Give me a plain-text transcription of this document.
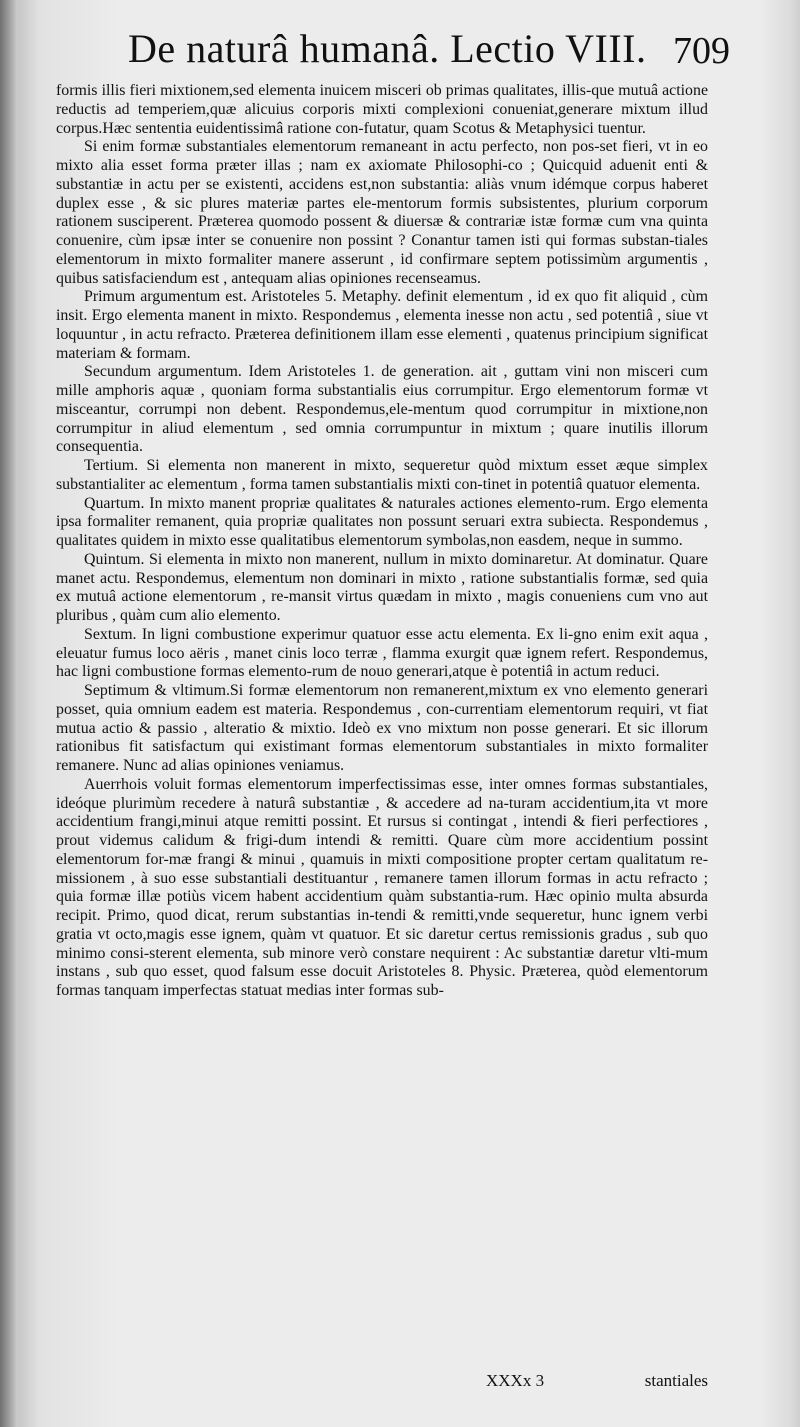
De naturâ humanâ. Lectio VIII. 709

formis illis fieri mixtionem,sed elementa inuicem misceri ob primas qualitates, illis-que mutuâ actione reductis ad temperiem,quæ alicuius corporis mixti complexioni conueniat,generare mixtum illud corpus.Hæc sententia euidentissimâ ratione con-futatur, quam Scotus & Metaphysici tuentur.

Si enim formæ substantiales elementorum remaneant in actu perfecto, non pos-set fieri, vt in eo mixto alia esset forma præter illas ; nam ex axiomate Philosophi-co ; Quicquid aduenit enti & substantiæ in actu per se existenti, accidens est,non substantia: aliàs vnum idémque corpus haberet duplex esse , & sic plures materiæ partes ele-mentorum formis subsistentes, plurium corporum rationem susciperent. Præterea quomodo possent & diuersæ & contrariæ istæ formæ cum vna quinta conuenire, cùm ipsæ inter se conuenire non possint ? Conantur tamen isti qui formas substan-tiales elementorum in mixto formaliter manere asserunt , id confirmare septem potissimùm argumentis , quibus satisfaciendum est , antequam alias opiniones recenseamus.

Primum argumentum est. Aristoteles 5. Metaphy. definit elementum , id ex quo fit aliquid , cùm insit. Ergo elementa manent in mixto. Respondemus , elementa inesse non actu , sed potentiâ , siue vt loquuntur , in actu refracto. Præterea definitionem illam esse elementi , quatenus principium significat materiam & formam.

Secundum argumentum. Idem Aristoteles 1. de generation. ait , guttam vini non misceri cum mille amphoris aquæ , quoniam forma substantialis eius corrumpitur. Ergo elementorum formæ vt misceantur, corrumpi non debent. Respondemus,ele-mentum quod corrumpitur in mixtione,non corrumpitur in aliud elementum , sed omnia corrumpuntur in mixtum ; quare inutilis illorum consequentia.

Tertium. Si elementa non manerent in mixto, sequeretur quòd mixtum esset æque simplex substantialiter ac elementum , forma tamen substantialis mixti con-tinet in potentiâ quatuor elementa.

Quartum. In mixto manent propriæ qualitates & naturales actiones elemento-rum. Ergo elementa ipsa formaliter remanent, quia propriæ qualitates non possunt seruari extra subiecta. Respondemus , qualitates quidem in mixto esse qualitatibus elementorum symbolas,non easdem, neque in summo.

Quintum. Si elementa in mixto non manerent, nullum in mixto dominaretur. At dominatur. Quare manet actu. Respondemus, elementum non dominari in mixto , ratione substantialis formæ, sed quia ex mutuâ actione elementorum , re-mansit virtus quædam in mixto , magis conueniens cum vno aut pluribus , quàm cum alio elemento.

Sextum. In ligni combustione experimur quatuor esse actu elementa. Ex li-gno enim exit aqua , eleuatur fumus loco aëris , manet cinis loco terræ , flamma exurgit quæ ignem refert. Respondemus, hac ligni combustione formas elemento-rum de nouo generari,atque è potentiâ in actum reduci.

Septimum & vltimum.Si formæ elementorum non remanerent,mixtum ex vno elemento generari posset, quia omnium eadem est materia. Respondemus , con-currentiam elementorum requiri, vt fiat mutua actio & passio , alteratio & mixtio. Ideò ex vno mixtum non posse generari. Et sic illorum rationibus fit satisfactum qui existimant formas elementorum substantiales in mixto formaliter remanere. Nunc ad alias opiniones veniamus.

Auerrhois voluit formas elementorum imperfectissimas esse, inter omnes formas substantiales, ideóque plurimùm recedere à naturâ substantiæ , & accedere ad na-turam accidentium,ita vt more accidentium frangi,minui atque remitti possint. Et rursus si contingat , intendi & fieri perfectiores , prout videmus calidum & frigi-dum intendi & remitti. Quare cùm more accidentium possint elementorum for-mæ frangi & minui , quamuis in mixti compositione propter certam qualitatum re-missionem , à suo esse substantiali destituantur , remanere tamen illorum formas in actu refracto ; quia formæ illæ potiùs vicem habent accidentium quàm substantia-rum. Hæc opinio multa absurda recipit. Primo, quod dicat, rerum substantias in-tendi & remitti,vnde sequeretur, hunc ignem verbi gratia vt octo,magis esse ignem, quàm vt quatuor. Et sic daretur certus remissionis gradus , sub quo minimo consi-sterent elementa, sub minore verò constare nequirent : Ac substantiæ daretur vlti-mum instans , sub quo esset, quod falsum esse docuit Aristoteles 8. Physic. Præterea, quòd elementorum formas tanquam imperfectas statuat medias inter formas sub-

XXXx 3	stantiales
